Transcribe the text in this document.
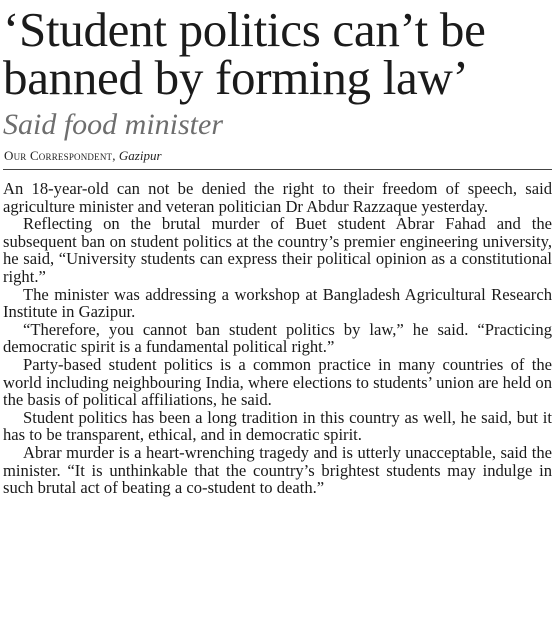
‘Student politics can’t be
banned by forming law’
Said food minister
Our Correspondent, Gazipur

An 18-year-old can not be denied the right to their freedom of speech, said agriculture minister and veteran politician Dr Abdur Razzaque yesterday.

Reflecting on the brutal murder of Buet student Abrar Fahad and the subsequent ban on student politics at the country’s premier engineering university, he said, “University students can express their political opinion as a constitutional right.”

The minister was addressing a workshop at Bangladesh Agricultural Research Institute in Gazipur.

“Therefore, you cannot ban student politics by law,” he said. “Practicing democratic spirit is a fundamental political right.”

Party-based student politics is a common practice in many countries of the world including neighbouring India, where elections to students’ union are held on the basis of political affiliations, he said.

Student politics has been a long tradition in this country as well, he said, but it has to be transparent, ethical, and in democratic spirit.

Abrar murder is a heart-wrenching tragedy and is utterly unacceptable, said the minister. “It is unthinkable that the country’s brightest students may indulge in such brutal act of beating a co-student to death.”
